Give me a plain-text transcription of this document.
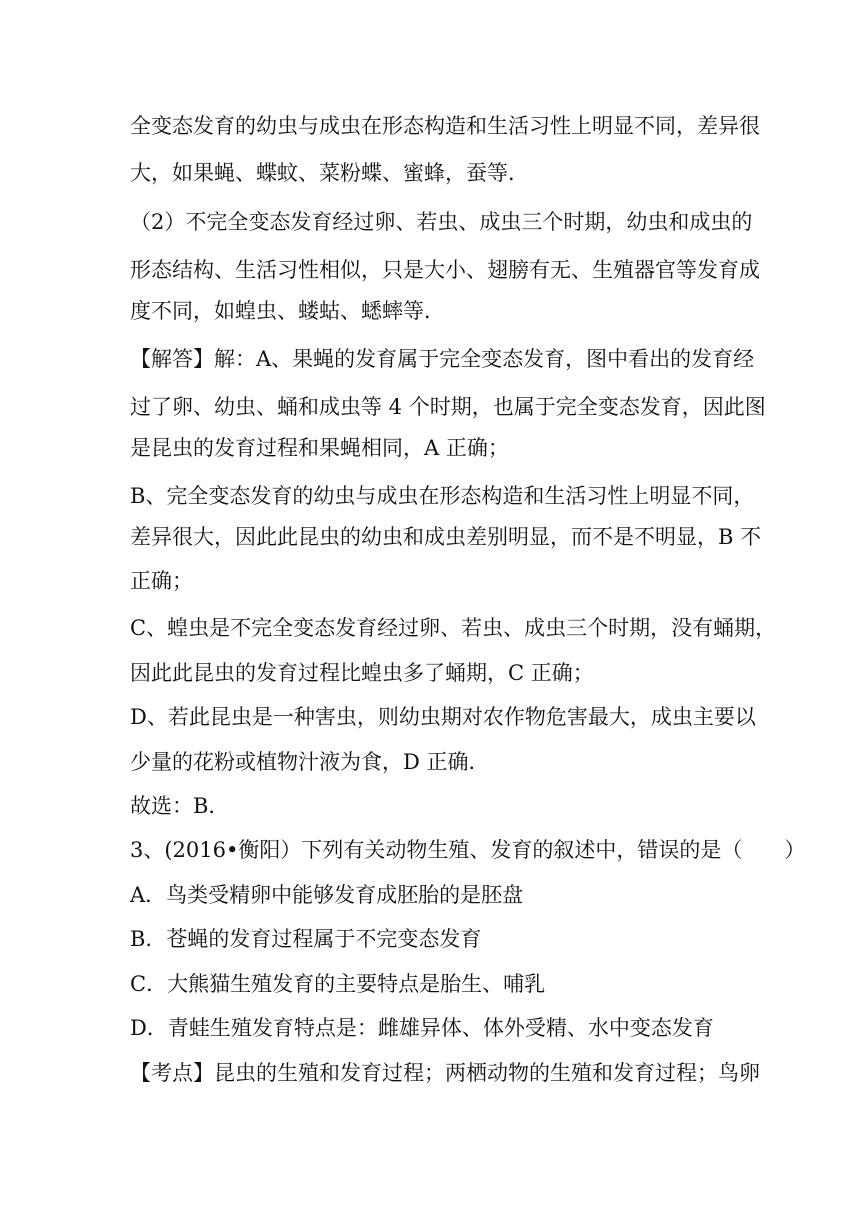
全变态发育的幼虫与成虫在形态构造和生活习性上明显不同，差异很
大，如果蝇、蝶蚊、菜粉蝶、蜜蜂，蚕等．
（2）不完全变态发育经过卵、若虫、成虫三个时期，幼虫和成虫的
形态结构、生活习性相似，只是大小、翅膀有无、生殖器官等发育成
度不同，如蝗虫、蝼蛄、蟋蟀等．
【解答】解：A、果蝇的发育属于完全变态发育，图中看出的发育经
过了卵、幼虫、蛹和成虫等 4 个时期，也属于完全变态发育，因此图
是昆虫的发育过程和果蝇相同，A 正确；
B、完全变态发育的幼虫与成虫在形态构造和生活习性上明显不同，
差异很大，因此此昆虫的幼虫和成虫差别明显，而不是不明显，B 不
正确；
C、蝗虫是不完全变态发育经过卵、若虫、成虫三个时期，没有蛹期，
因此此昆虫的发育过程比蝗虫多了蛹期，C 正确；
D、若此昆虫是一种害虫，则幼虫期对农作物危害最大，成虫主要以
少量的花粉或植物汁液为食，D 正确．
故选：B．
3、(2016•衡阳）下列有关动物生殖、发育的叙述中，错误的是（　　）
A．鸟类受精卵中能够发育成胚胎的是胚盘
B．苍蝇的发育过程属于不完变态发育
C．大熊猫生殖发育的主要特点是胎生、哺乳
D．青蛙生殖发育特点是：雌雄异体、体外受精、水中变态发育
【考点】昆虫的生殖和发育过程；两栖动物的生殖和发育过程；鸟卵
